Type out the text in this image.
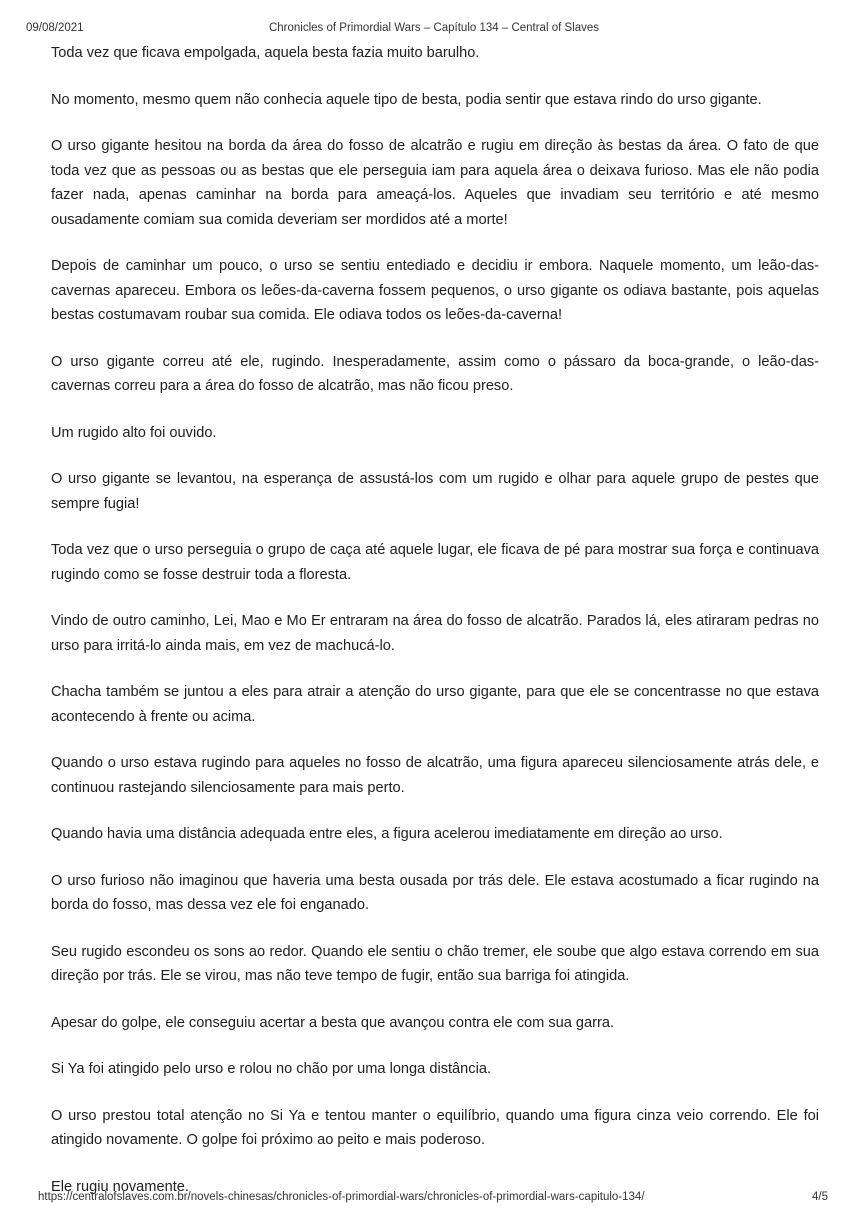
09/08/2021	Chronicles of Primordial Wars – Capítulo 134 – Central of Slaves

Toda vez que ficava empolgada, aquela besta fazia muito barulho.

No momento, mesmo quem não conhecia aquele tipo de besta, podia sentir que estava rindo do urso gigante.

O urso gigante hesitou na borda da área do fosso de alcatrão e rugiu em direção às bestas da área. O fato de que toda vez que as pessoas ou as bestas que ele perseguia iam para aquela área o deixava furioso. Mas ele não podia fazer nada, apenas caminhar na borda para ameaçá-los. Aqueles que invadiam seu território e até mesmo ousadamente comiam sua comida deveriam ser mordidos até a morte!

Depois de caminhar um pouco, o urso se sentiu entediado e decidiu ir embora. Naquele momento, um leão-das-cavernas apareceu. Embora os leões-da-caverna fossem pequenos, o urso gigante os odiava bastante, pois aquelas bestas costumavam roubar sua comida. Ele odiava todos os leões-da-caverna!

O urso gigante correu até ele, rugindo. Inesperadamente, assim como o pássaro da boca-grande, o leão-das-cavernas correu para a área do fosso de alcatrão, mas não ficou preso.

Um rugido alto foi ouvido.

O urso gigante se levantou, na esperança de assustá-los com um rugido e olhar para aquele grupo de pestes que sempre fugia!

Toda vez que o urso perseguia o grupo de caça até aquele lugar, ele ficava de pé para mostrar sua força e continuava rugindo como se fosse destruir toda a floresta.

Vindo de outro caminho, Lei, Mao e Mo Er entraram na área do fosso de alcatrão. Parados lá, eles atiraram pedras no urso para irritá-lo ainda mais, em vez de machucá-lo.

Chacha também se juntou a eles para atrair a atenção do urso gigante, para que ele se concentrasse no que estava acontecendo à frente ou acima.

Quando o urso estava rugindo para aqueles no fosso de alcatrão, uma figura apareceu silenciosamente atrás dele, e continuou rastejando silenciosamente para mais perto.

Quando havia uma distância adequada entre eles, a figura acelerou imediatamente em direção ao urso.

O urso furioso não imaginou que haveria uma besta ousada por trás dele. Ele estava acostumado a ficar rugindo na borda do fosso, mas dessa vez ele foi enganado.

Seu rugido escondeu os sons ao redor. Quando ele sentiu o chão tremer, ele soube que algo estava correndo em sua direção por trás. Ele se virou, mas não teve tempo de fugir, então sua barriga foi atingida.

Apesar do golpe, ele conseguiu acertar a besta que avançou contra ele com sua garra.

Si Ya foi atingido pelo urso e rolou no chão por uma longa distância.

O urso prestou total atenção no Si Ya e tentou manter o equilíbrio, quando uma figura cinza veio correndo. Ele foi atingido novamente. O golpe foi próximo ao peito e mais poderoso.

Ele rugiu novamente.

https://centralofslaves.com.br/novels-chinesas/chronicles-of-primordial-wars/chronicles-of-primordial-wars-capitulo-134/	4/5
